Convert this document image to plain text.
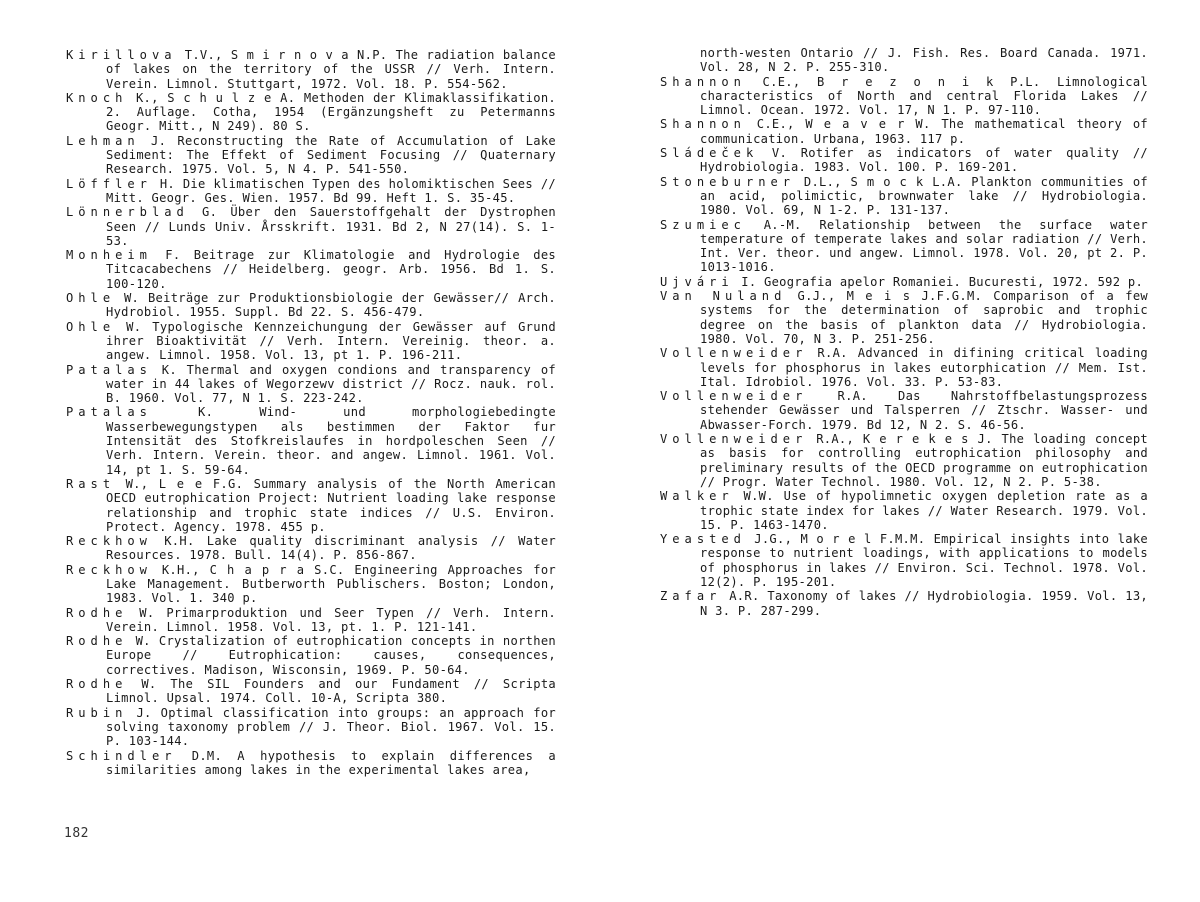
Kirillova T.V., S m i r n o v a N.P. The radiation balance of lakes on the territory of the USSR // Verh. Intern. Verein. Limnol. Stuttgart, 1972. Vol. 18. P. 554-562.

Knoch K., S c h u l z e A. Methoden der Klimaklassifikation. 2. Auflage. Cotha, 1954 (Ergänzungsheft zu Petermanns Geogr. Mitt., N 249). 80 S.

Lehman J. Reconstructing the Rate of Accumulation of Lake Sediment: The Effekt of Sediment Focusing // Quaternary Research. 1975. Vol. 5, N 4. P. 541-550.

Löffler H. Die klimatischen Typen des holomiktischen Sees // Mitt. Geogr. Ges. Wien. 1957. Bd 99. Heft 1. S. 35-45.

Lönnerblad G. Über den Sauerstoffgehalt der Dystrophen Seen // Lunds Univ. Årsskrift. 1931. Bd 2, N 27(14). S. 1-53.

Monheim F. Beitrage zur Klimatologie and Hydrologie des Titcacabechens // Heidelberg. geogr. Arb. 1956. Bd 1. S. 100-120.

Ohle W. Beiträge zur Produktionsbiologie der Gewässer// Arch. Hydrobiol. 1955. Suppl. Bd 22. S. 456-479.

Ohle W. Typologische Kennzeichungung der Gewässer auf Grund ihrer Bioaktivität // Verh. Intern. Vereinig. theor. a. angew. Limnol. 1958. Vol. 13, pt 1. P. 196-211.

Patalas K. Thermal and oxygen condions and transparency of water in 44 lakes of Wegorzewv district // Rocz. nauk. rol. B. 1960. Vol. 77, N 1. S. 223-242.

Patalas	K. Wind- und morphologiebedingte Wasserbewegungstypen als bestimmen der Faktor fur Intensität des Stofkreislaufes in hordpoleschen Seen // Verh. Intern. Verein. theor. and angew. Limnol. 1961. Vol. 14, pt 1. S. 59-64.

Rast W., L e e F.G. Summary analysis of the North American OECD eutrophication Project: Nutrient loading lake response relationship and trophic state indices // U.S. Environ. Protect. Agency. 1978. 455 p.

Reckhow K.H. Lake quality discriminant analysis // Water Resources. 1978. Bull. 14(4). P. 856-867.

Reckhow K.H., C h a p r a S.C. Engineering Approaches for Lake Management. Butberworth Publischers. Boston; London, 1983. Vol. 1. 340 p.

Rodhe W. Primarproduktion und Seer Typen // Verh. Intern. Verein. Limnol. 1958. Vol. 13, pt. 1. P. 121-141.

Rodhe W. Crystalization of eutrophication concepts in northen Europe // Eutrophication: causes, consequences, correctives. Madison, Wisconsin, 1969. P. 50-64.

Rodhe W. The SIL Founders and our Fundament // Scripta Limnol. Upsal. 1974. Coll. 10-A, Scripta 380.

Rubin J. Optimal classification into groups: an approach for solving taxonomy problem // J. Theor. Biol. 1967. Vol. 15. P. 103-144.

Schindler D.M. A hypothesis to explain differences a similarities among lakes in the experimental lakes area,

north-westen Ontario // J. Fish. Res. Board Canada. 1971. Vol. 28, N 2. P. 255-310.

Shannon C.E., B r e z o n i k P.L. Limnological characteristics of North and central Florida Lakes // Limnol. Ocean. 1972. Vol. 17, N 1. P. 97-110.

Shannon C.E., W e a v e r W. The mathematical theory of communication. Urbana, 1963. 117 p.

Sládeček V. Rotifer as indicators of water quality // Hydrobiologia. 1983. Vol. 100. P. 169-201.

Stoneburner D.L., S m o c k L.A. Plankton communities of an acid, polimictic, brownwater lake // Hydrobiologia. 1980. Vol. 69, N 1-2. P. 131-137.

Szumiec A.-M. Relationship between the surface water temperature of temperate lakes and solar radiation // Verh. Int. Ver. theor. und angew. Limnol. 1978. Vol. 20, pt 2. P. 1013-1016.

Ujvári I. Geografia apelor Romaniei. Bucuresti, 1972. 592 p.

Van Nuland G.J., M e i s J.F.G.M. Comparison of a few systems for the determination of saprobic and trophic degree on the basis of plankton data // Hydrobiologia. 1980. Vol. 70, N 3. P. 251-256.

Vollenweider R.A. Advanced in difining critical loading levels for phosphorus in lakes eutorphication // Mem. Ist. Ital. Idrobiol. 1976. Vol. 33. P. 53-83.

Vollenweider R.A. Das Nahrstoffbelastungsprozess stehender Gewässer und Talsperren // Ztschr. Wasser- und Abwasser-Forch. 1979. Bd 12, N 2. S. 46-56.

Vollenweider R.A., K e r e k e s J. The loading concept as basis for controlling eutrophication philosophy and preliminary results of the OECD programme on eutrophication // Progr. Water Technol. 1980. Vol. 12, N 2. P. 5-38.

Walker W.W. Use of hypolimnetic oxygen depletion rate as a trophic state index for lakes // Water Research. 1979. Vol. 15. P. 1463-1470.

Yeasted J.G., M o r e l F.M.M. Empirical insights into lake response to nutrient loadings, with applications to models of phosphorus in lakes // Environ. Sci. Technol. 1978. Vol. 12(2). P. 195-201.

Zafar A.R. Taxonomy of lakes // Hydrobiologia. 1959. Vol. 13, N 3. P. 287-299.

182
